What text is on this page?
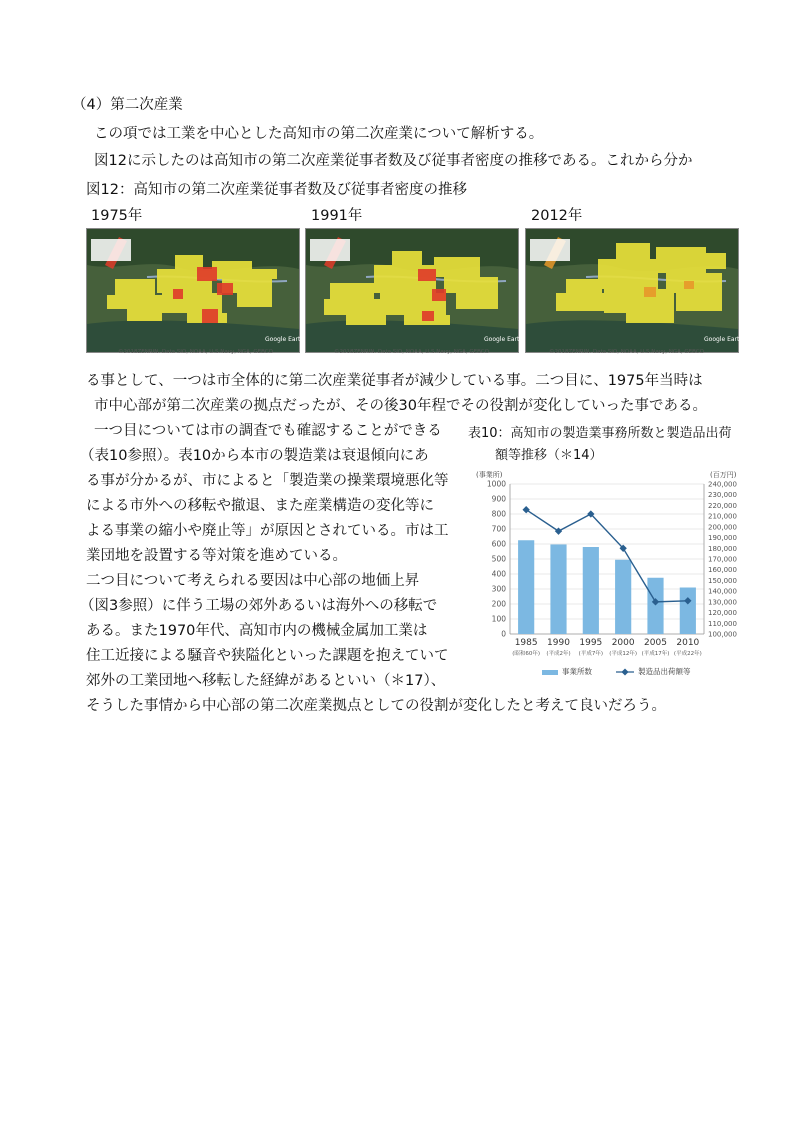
（4）第二次産業
この項では工業を中心とした高知市の第二次産業について解析する。
図12に示したのは高知市の第二次産業従事者数及び従事者密度の推移である。これから分か
図12：高知市の第二次産業従事者数及び従事者密度の推移
1975年	1991年	2012年
Google Earth	Google Earth	Google Earth
©2018ZENRIN. Data SIO, NOAA, U.S.Navy, NGA, GEBCO	©2018ZENRIN. Data SIO, NOAA, U.S.Navy, NGA, GEBCO	©2018ZENRIN. Data SIO, NOAA, U.S.Navy, NGA, GEBCO
る事として、一つは市全体的に第二次産業従事者が減少している事。二つ目に、1975年当時は
市中心部が第二次産業の拠点だったが、その後30年程でその役割が変化していった事である。
一つ目については市の調査でも確認することができる
（表10参照）。表10から本市の製造業は衰退傾向にあ
る事が分かるが、市によると「製造業の操業環境悪化等
による市外への移転や撤退、また産業構造の変化等に
よる事業の縮小や廃止等」が原因とされている。市は工
業団地を設置する等対策を進めている。
二つ目について考えられる要因は中心部の地価上昇
（図3参照）に伴う工場の郊外あるいは海外への移転で
ある。また1970年代、高知市内の機械金属加工業は
住工近接による騒音や狭隘化といった課題を抱えていて
郊外の工業団地へ移転した経緯があるといい（＊17）、
そうした事情から中心部の第二次産業拠点としての役割が変化したと考えて良いだろう。
表10：高知市の製造業事務所数と製造品出荷
額等推移（＊14）
(事業所)	(百万円)
0
100
200
300
400
500
600
700
800
900
1000
100,000
110,000
120,000
130,000
140,000
150,000
160,000
170,000
180,000
190,000
200,000
210,000
220,000
230,000
240,000
1985
(昭和60年)
1990
(平成2年)
1995
(平成7年)
2000
(平成12年)
2005
(平成17年)
2010
(平成22年)
事業所数	製造品出荷額等
